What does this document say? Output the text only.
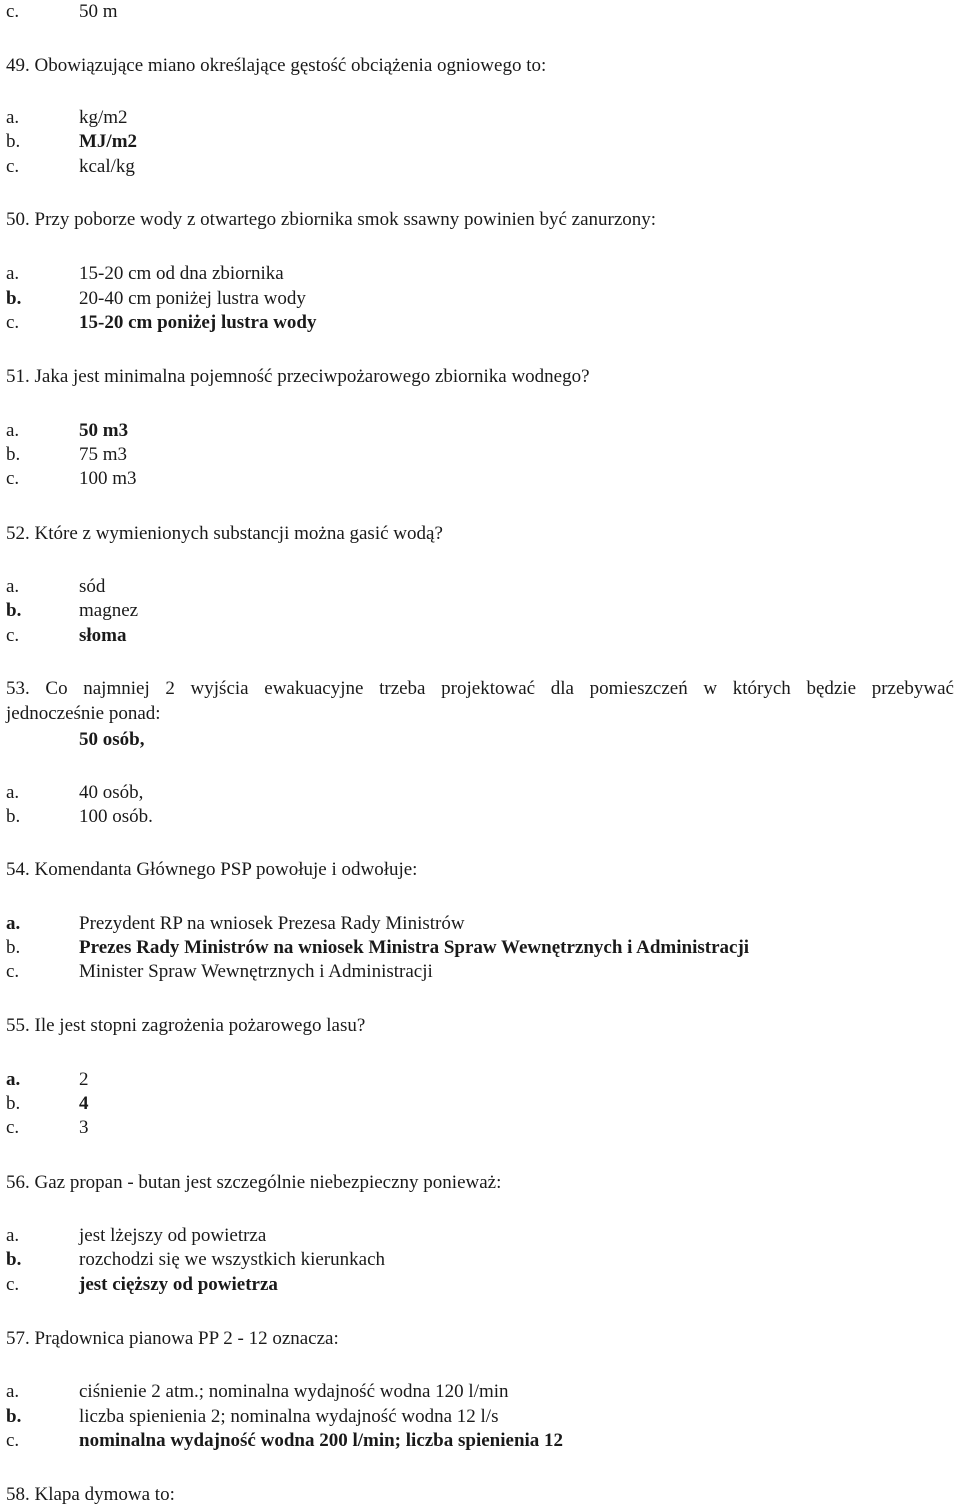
c.	50 m
49. Obowiązujące miano określające gęstość obciążenia ogniowego to:
a.	kg/m2
b.	MJ/m2
c.	kcal/kg
50. Przy poborze wody z otwartego zbiornika smok ssawny powinien być zanurzony:
a.	15-20 cm od dna zbiornika
b.	20-40 cm poniżej lustra wody
c.	15-20 cm poniżej lustra wody
51. Jaka jest minimalna pojemność przeciwpożarowego zbiornika wodnego?
a.	50 m3
b.	75 m3
c.	100 m3
52. Które z wymienionych substancji można gasić wodą?
a.	sód
b.	magnez
c.	słoma
53. Co najmniej 2 wyjścia ewakuacyjne trzeba projektować dla pomieszczeń w których będzie przebywać
jednocześnie ponad:
50 osób,
a.	40 osób,
b.	100 osób.
54. Komendanta Głównego PSP powołuje i odwołuje:
a.	Prezydent RP na wniosek Prezesa Rady Ministrów
b.	Prezes Rady Ministrów na wniosek Ministra Spraw Wewnętrznych i Administracji
c.	Minister Spraw Wewnętrznych i Administracji
55. Ile jest stopni zagrożenia pożarowego lasu?
a.	2
b.	4
c.	3
56. Gaz propan - butan jest szczególnie niebezpieczny ponieważ:
a.	jest lżejszy od powietrza
b.	rozchodzi się we wszystkich kierunkach
c.	jest cięższy od powietrza
57. Prądownica pianowa PP 2 - 12 oznacza:
a.	ciśnienie 2 atm.; nominalna wydajność wodna 120 l/min
b.	liczba spienienia 2; nominalna wydajność wodna 12 l/s
c.	nominalna wydajność wodna 200 l/min; liczba spienienia 12
58. Klapa dymowa to:
